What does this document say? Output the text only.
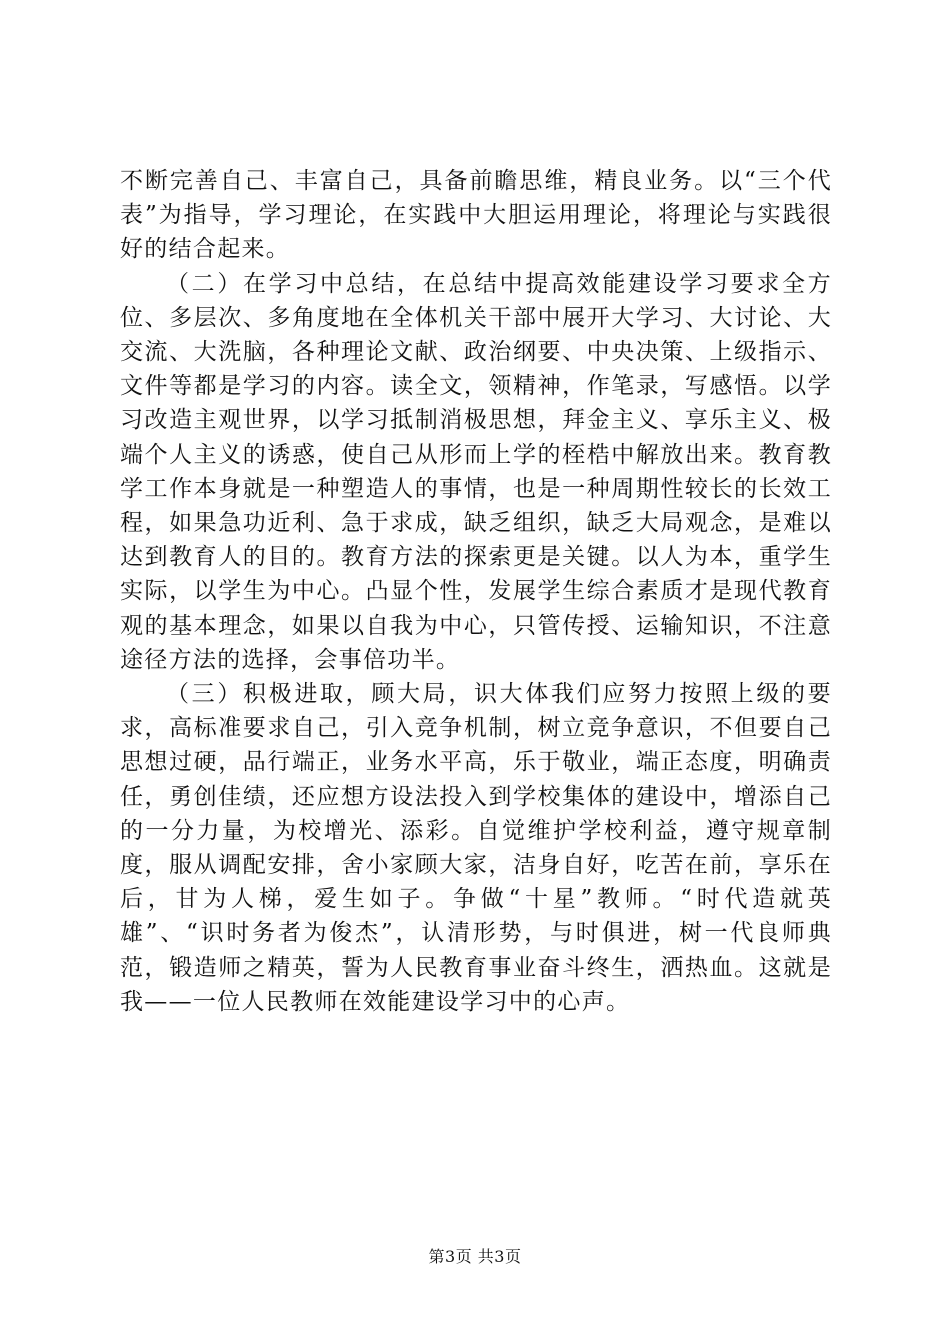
不断完善自己、丰富自己，具备前瞻思维，精良业务。以“三个代表”为指导，学习理论，在实践中大胆运用理论，将理论与实践很好的结合起来。

（二）在学习中总结，在总结中提高效能建设学习要求全方位、多层次、多角度地在全体机关干部中展开大学习、大讨论、大交流、大洗脑，各种理论文献、政治纲要、中央决策、上级指示、文件等都是学习的内容。读全文，领精神，作笔录，写感悟。以学习改造主观世界，以学习抵制消极思想，拜金主义、享乐主义、极端个人主义的诱惑，使自己从形而上学的桎梏中解放出来。教育教学工作本身就是一种塑造人的事情，也是一种周期性较长的长效工程，如果急功近利、急于求成，缺乏组织，缺乏大局观念，是难以达到教育人的目的。教育方法的探索更是关键。以人为本，重学生实际，以学生为中心。凸显个性，发展学生综合素质才是现代教育观的基本理念，如果以自我为中心，只管传授、运输知识，不注意途径方法的选择，会事倍功半。

（三）积极进取，顾大局，识大体我们应努力按照上级的要求，高标准要求自己，引入竞争机制，树立竞争意识，不但要自己思想过硬，品行端正，业务水平高，乐于敬业，端正态度，明确责任，勇创佳绩，还应想方设法投入到学校集体的建设中，增添自己的一分力量，为校增光、添彩。自觉维护学校利益，遵守规章制度，服从调配安排，舍小家顾大家，洁身自好，吃苦在前，享乐在后，甘为人梯，爱生如子。争做“十星”教师。“时代造就英雄”、“识时务者为俊杰”，认清形势，与时俱进，树一代良师典范，锻造师之精英，誓为人民教育事业奋斗终生，洒热血。这就是我——一位人民教师在效能建设学习中的心声。

第3页 共3页
